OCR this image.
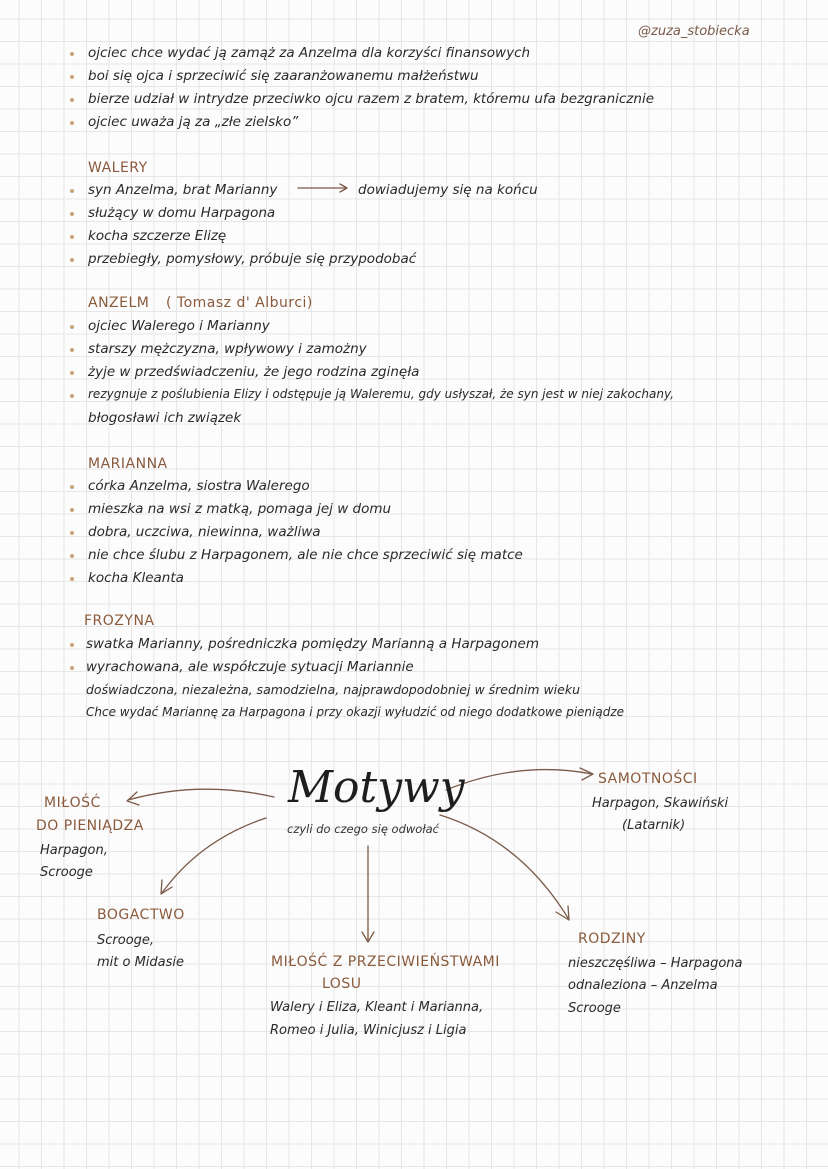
@zuza_stobiecka
ojciec chce wydać ją zamąż za Anzelma dla korzyści finansowych
boi się ojca i sprzeciwić się zaaranżowanemu małżeństwu
bierze udział w intrydze przeciwko ojcu razem z bratem, któremu ufa bezgranicznie
ojciec uważa ją za „złe zielsko”
WALERY
syn Anzelma, brat Marianny	dowiadujemy się na końcu
służący w domu Harpagona
kocha szczerze Elizę
przebiegły, pomysłowy, próbuje się przypodobać
ANZELM ( Tomasz d' Alburci)
ojciec Walerego i Marianny
starszy mężczyzna, wpływowy i zamożny
żyje w przedświadczeniu, że jego rodzina zginęła
rezygnuje z poślubienia Elizy i odstępuje ją Waleremu, gdy usłyszał, że syn jest w niej zakochany,
błogosławi ich związek
MARIANNA
córka Anzelma, siostra Walerego
mieszka na wsi z matką, pomaga jej w domu
dobra, uczciwa, niewinna, ważliwa
nie chce ślubu z Harpagonem, ale nie chce sprzeciwić się matce
kocha Kleanta
FROZYNA
swatka Marianny, pośredniczka pomiędzy Marianną a Harpagonem
wyrachowana, ale współczuje sytuacji Mariannie
doświadczona, niezależna, samodzielna, najprawdopodobniej w średnim wieku
Chce wydać Mariannę za Harpagona i przy okazji wyłudzić od niego dodatkowe pieniądze
Motywy
czyli do czego się odwołać
MIŁOŚĆ
DO PIENIĄDZA
Harpagon,
Scrooge
SAMOTNOŚCI
Harpagon, Skawiński
(Latarnik)
BOGACTWO
Scrooge,
mit o Midasie	MIŁOŚĆ Z PRZECIWIEŃSTWAMI
LOSU
Walery i Eliza, Kleant i Marianna,
Romeo i Julia, Winicjusz i Ligia
RODZINY
nieszczęśliwa – Harpagona
odnaleziona – Anzelma
Scrooge
